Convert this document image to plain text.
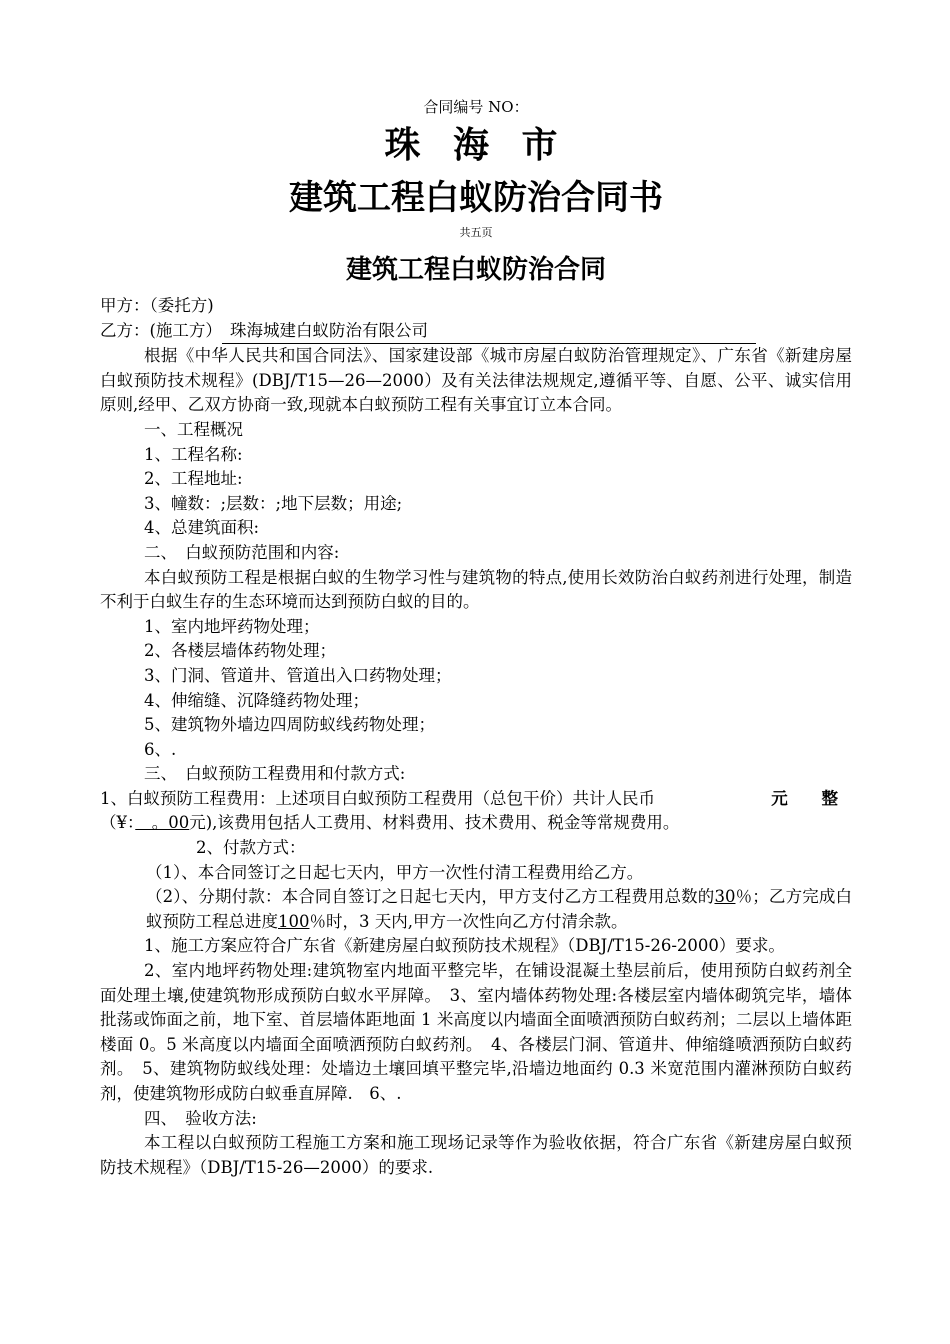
合同编号 NO：
珠 海 市
建筑工程白蚁防治合同书
共五页
建筑工程白蚁防治合同

甲方：（委托方)

乙方：(施工方） 珠海城建白蚁防治有限公司

根据《中华人民共和国合同法》、国家建设部《城市房屋白蚁防治管理规定》、广东省《新建房屋白蚁预防技术规程》(DBJ/T15—26—2000）及有关法律法规规定,遵循平等、自愿、公平、诚实信用原则,经甲、乙双方协商一致,现就本白蚁预防工程有关事宜订立本合同。

一、工程概况

1、工程名称:

2、工程地址:

3、幢数：;层数：;地下层数；用途;

4、总建筑面积:

二、　白蚁预防范围和内容:

本白蚁预防工程是根据白蚁的生物学习性与建筑物的特点,使用长效防治白蚁药剂进行处理，制造不利于白蚁生存的生态环境而达到预防白蚁的目的。

1、室内地坪药物处理；

2、各楼层墙体药物处理；

3、门洞、管道井、管道出入口药物处理；

4、伸缩缝、沉降缝药物处理；

5、建筑物外墙边四周防蚁线药物处理；

6、.

三、　白蚁预防工程费用和付款方式:

1、白蚁预防工程费用：上述项目白蚁预防工程费用（总包干价）共计人民币	元 整

（¥：　。00元),该费用包括人工费用、材料费用、技术费用、税金等常规费用。

2、付款方式：

（1）、本合同签订之日起七天内，甲方一次性付清工程费用给乙方。

（2）、分期付款：本合同自签订之日起七天内，甲方支付乙方工程费用总数的30％；乙方完成白蚁预防工程总进度100％时，3 天内,甲方一次性向乙方付清余款。

1、施工方案应符合广东省《新建房屋白蚁预防技术规程》（DBJ/T15-26-2000）要求。

2、室内地坪药物处理:建筑物室内地面平整完毕，在铺设混凝土垫层前后，使用预防白蚁药剂全面处理土壤,使建筑物形成预防白蚁水平屏障。　3、室内墙体药物处理:各楼层室内墙体砌筑完毕，墙体批荡或饰面之前，地下室、首层墙体距地面 1 米高度以内墙面全面喷洒预防白蚁药剂；二层以上墙体距楼面 0。5 米高度以内墙面全面喷洒预防白蚁药剂。　4、各楼层门洞、管道井、伸缩缝喷洒预防白蚁药剂。　5、建筑物防蚁线处理：处墙边土壤回填平整完毕,沿墙边地面约 0.3 米宽范围内灌淋预防白蚁药剂，使建筑物形成防白蚁垂直屏障.　6、.

四、　验收方法:

本工程以白蚁预防工程施工方案和施工现场记录等作为验收依据，符合广东省《新建房屋白蚁预防技术规程》（DBJ/T15-26—2000）的要求.
